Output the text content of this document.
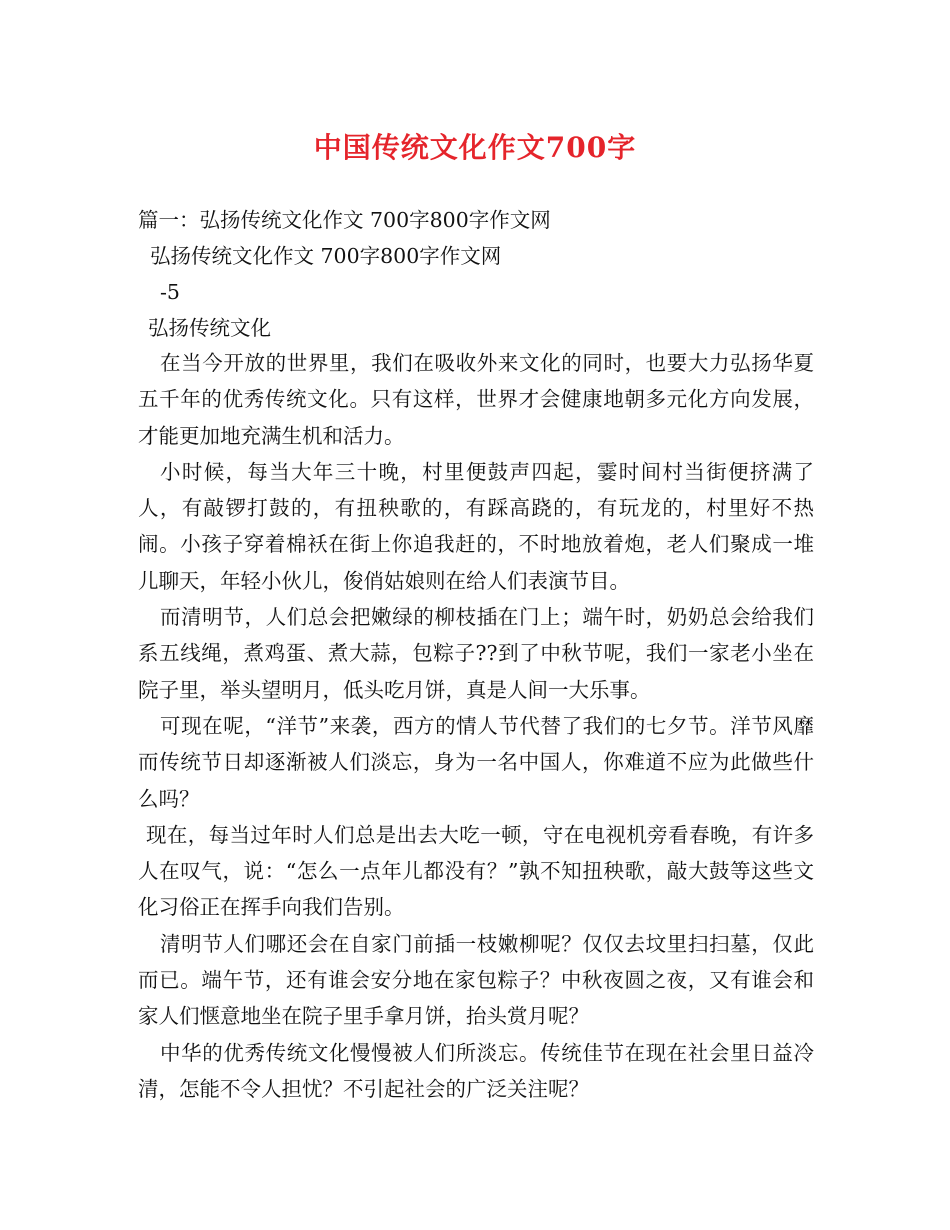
中国传统文化作文700字
篇一：弘扬传统文化作文 700字800字作文网
弘扬传统文化作文 700字800字作文网
-5
弘扬传统文化

在当今开放的世界里，我们在吸收外来文化的同时，也要大力弘扬华夏五千年的优秀传统文化。只有这样，世界才会健康地朝多元化方向发展，才能更加地充满生机和活力。

小时候，每当大年三十晚，村里便鼓声四起，霎时间村当街便挤满了人，有敲锣打鼓的，有扭秧歌的，有踩高跷的，有玩龙的，村里好不热闹。小孩子穿着棉袄在街上你追我赶的，不时地放着炮，老人们聚成一堆儿聊天，年轻小伙儿，俊俏姑娘则在给人们表演节目。

而清明节，人们总会把嫩绿的柳枝插在门上；端午时，奶奶总会给我们系五线绳，煮鸡蛋、煮大蒜，包粽子??到了中秋节呢，我们一家老小坐在院子里，举头望明月，低头吃月饼，真是人间一大乐事。

可现在呢，“洋节”来袭，西方的情人节代替了我们的七夕节。洋节风靡而传统节日却逐渐被人们淡忘，身为一名中国人，你难道不应为此做些什么吗？

现在，每当过年时人们总是出去大吃一顿，守在电视机旁看春晚，有许多人在叹气，说：“怎么一点年儿都没有？”孰不知扭秧歌，敲大鼓等这些文化习俗正在挥手向我们告别。

清明节人们哪还会在自家门前插一枝嫩柳呢？仅仅去坟里扫扫墓，仅此而已。端午节，还有谁会安分地在家包粽子？中秋夜圆之夜，又有谁会和家人们惬意地坐在院子里手拿月饼，抬头赏月呢？

中华的优秀传统文化慢慢被人们所淡忘。传统佳节在现在社会里日益冷清，怎能不令人担忧？不引起社会的广泛关注呢？
